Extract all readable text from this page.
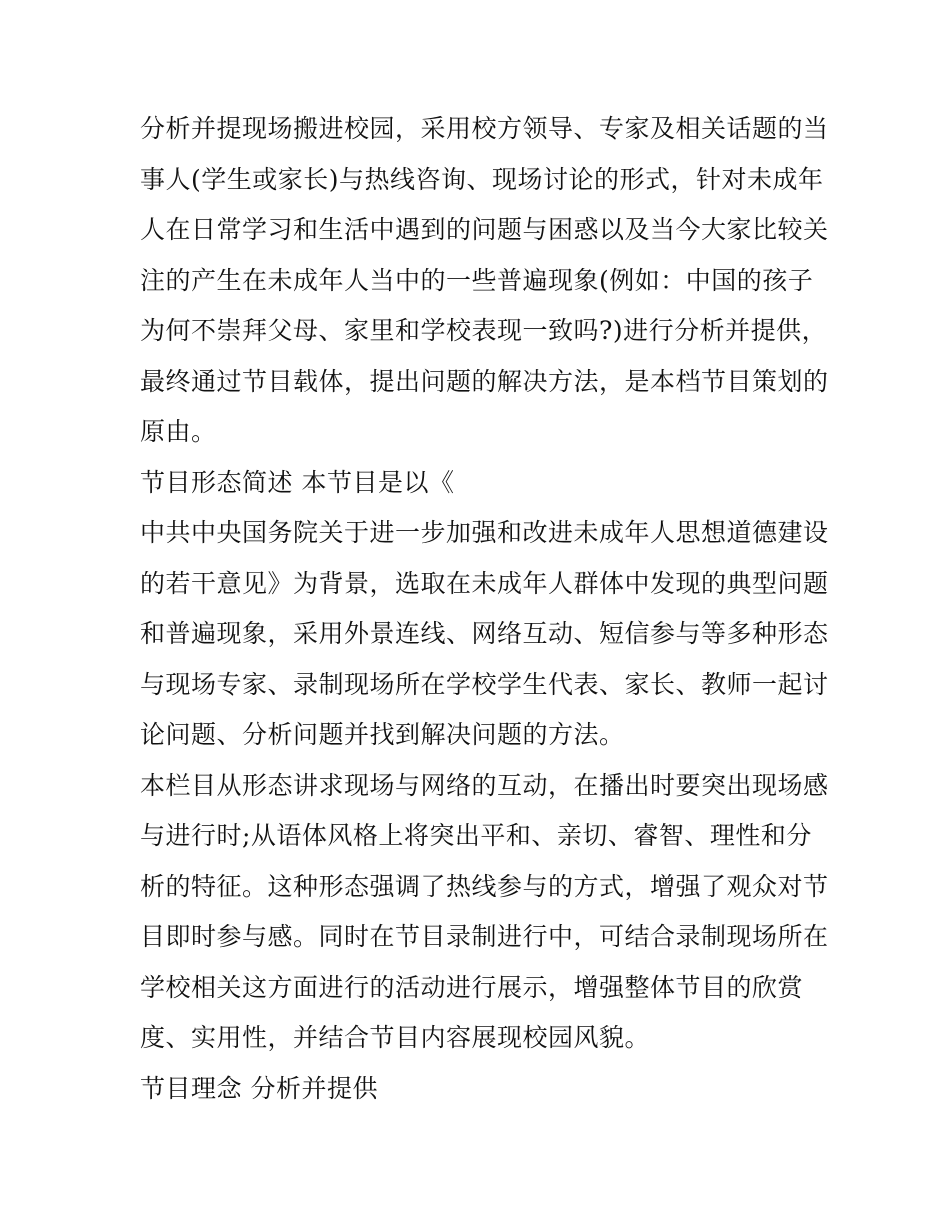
分析并提现场搬进校园，采用校方领导、专家及相关话题的当
事人(学生或家长)与热线咨询、现场讨论的形式，针对未成年
人在日常学习和生活中遇到的问题与困惑以及当今大家比较关
注的产生在未成年人当中的一些普遍现象(例如：中国的孩子
为何不崇拜父母、家里和学校表现一致吗?)进行分析并提供，
最终通过节目载体，提出问题的解决方法，是本档节目策划的
原由。
节目形态简述 本节目是以《
中共中央国务院关于进一步加强和改进未成年人思想道德建设
的若干意见》为背景，选取在未成年人群体中发现的典型问题
和普遍现象，采用外景连线、网络互动、短信参与等多种形态
与现场专家、录制现场所在学校学生代表、家长、教师一起讨
论问题、分析问题并找到解决问题的方法。
本栏目从形态讲求现场与网络的互动，在播出时要突出现场感
与进行时;从语体风格上将突出平和、亲切、睿智、理性和分
析的特征。这种形态强调了热线参与的方式，增强了观众对节
目即时参与感。同时在节目录制进行中，可结合录制现场所在
学校相关这方面进行的活动进行展示，增强整体节目的欣赏
度、实用性，并结合节目内容展现校园风貌。
节目理念 分析并提供
